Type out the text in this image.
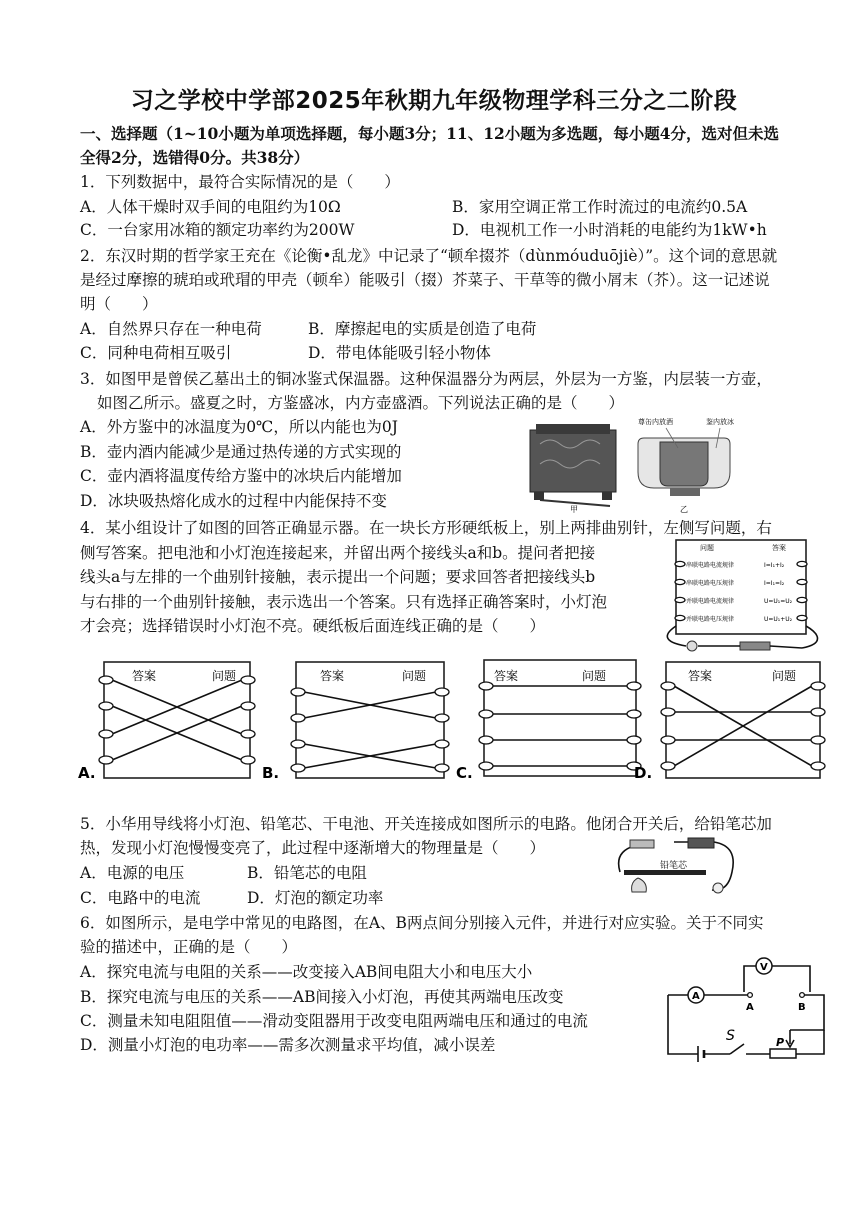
习之学校中学部2025年秋期九年级物理学科三分之二阶段
一、选择题（1~10小题为单项选择题，每小题3分；11、12小题为多选题，每小题4分，选对但未选
全得2分，选错得0分。共38分）
1．下列数据中，最符合实际情况的是（　　）
A．人体干燥时双手间的电阻约为10Ω	B．家用空调正常工作时流过的电流约0.5A
C．一台家用冰箱的额定功率约为200W	D．电视机工作一小时消耗的电能约为1kW•h
2．东汉时期的哲学家王充在《论衡•乱龙》中记录了“顿牟掇芥（dùnmóuduōjiè）”。这个词的意思就
是经过摩擦的琥珀或玳瑁的甲壳（顿牟）能吸引（掇）芥菜子、干草等的微小屑末（芥）。这一记述说
明（　　）
A．自然界只存在一种电荷	B．摩擦起电的实质是创造了电荷
C．同种电荷相互吸引	D．带电体能吸引轻小物体
3．如图甲是曾侯乙墓出土的铜冰鉴式保温器。这种保温器分为两层，外层为一方鉴，内层装一方壶，
如图乙所示。盛夏之时，方鉴盛冰，内方壶盛酒。下列说法正确的是（　　）
A．外方鉴中的冰温度为0℃，所以内能也为0J
B．壶内酒内能减少是通过热传递的方式实现的
C．壶内酒将温度传给方鉴中的冰块后内能增加
D．冰块吸热熔化成水的过程中内能保持不变	甲
尊缶内放酒	鉴内放冰
乙
4．某小组设计了如图的回答正确显示器。在一块长方形硬纸板上，别上两排曲别针，左侧写问题，右
侧写答案。把电池和小灯泡连接起来，并留出两个接线头a和b。提问者把接
线头a与左排的一个曲别针接触，表示提出一个问题；要求回答者把接线头b
与右排的一个曲别针接触，表示选出一个答案。只有选择正确答案时，小灯泡
才会亮；选择错误时小灯泡不亮。硬纸板后面连线正确的是（　　）
问题	答案
串联电路电流规律	I=I₁+I₂
串联电路电压规律	I=I₁=I₂
并联电路电流规律	U=U₁=U₂
并联电路电压规律	U=U₁+U₂
答案	问题
A.
答案	问题
B.
答案	问题
C.
答案	问题
D.
5．小华用导线将小灯泡、铅笔芯、干电池、开关连接成如图所示的电路。他闭合开关后，给铅笔芯加
热，发现小灯泡慢慢变亮了，此过程中逐渐增大的物理量是（　　）
A．电源的电压	B．铅笔芯的电阻
C．电路中的电流	D．灯泡的额定功率
铅笔芯
6．如图所示，是电学中常见的电路图，在A、B两点间分别接入元件，并进行对应实验。关于不同实
验的描述中，正确的是（　　）
A．探究电流与电阻的关系——改变接入AB间电阻大小和电压大小
B．探究电流与电压的关系——AB间接入小灯泡，再使其两端电压改变
C．测量未知电阻阻值——滑动变阻器用于改变电阻两端电压和通过的电流
D．测量小灯泡的电功率——需多次测量求平均值，减小误差
V
A
A	B
S	P
